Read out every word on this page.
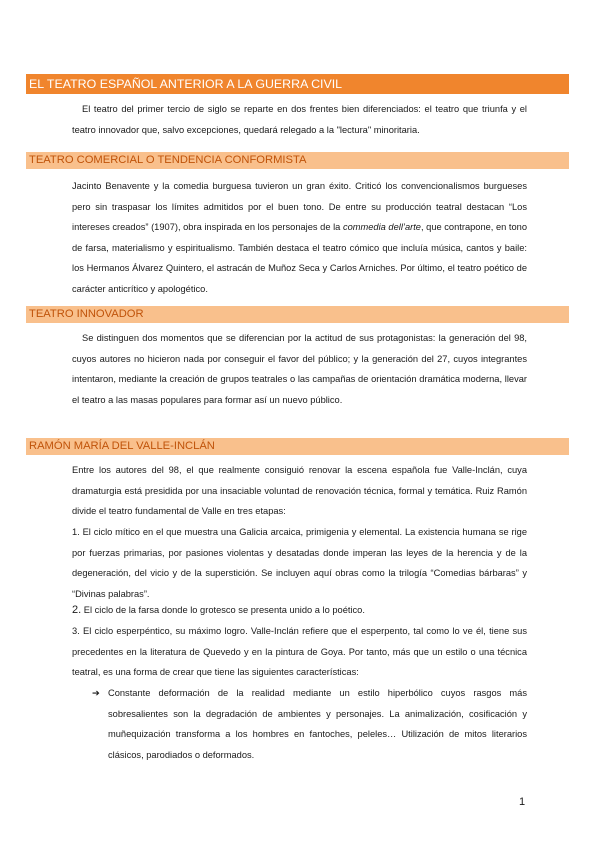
EL TEATRO ESPAÑOL ANTERIOR A LA GUERRA CIVIL

El teatro del primer tercio de siglo se reparte en dos frentes bien diferenciados: el teatro que triunfa y el teatro innovador que, salvo excepciones, quedará relegado a la "lectura" minoritaria.

TEATRO COMERCIAL O TENDENCIA CONFORMISTA

Jacinto Benavente y la comedia burguesa tuvieron un gran éxito. Criticó los convencionalismos burgueses pero sin traspasar los límites admitidos por el buen tono. De entre su producción teatral destacan “Los intereses creados” (1907), obra inspirada en los personajes de la commedia dell’arte, que contrapone, en tono de farsa, materialismo y espiritualismo. También destaca el teatro cómico que incluía música, cantos y baile: los Hermanos Álvarez Quintero, el astracán de Muñoz Seca y Carlos Arniches. Por último, el teatro poético de carácter anticrítico y apologético.

TEATRO INNOVADOR

Se distinguen dos momentos que se diferencian por la actitud de sus protagonistas: la generación del 98, cuyos autores no hicieron nada por conseguir el favor del público; y la generación del 27, cuyos integrantes intentaron, mediante la creación de grupos teatrales o las campañas de orientación dramática moderna, llevar el teatro a las masas populares para formar así un nuevo público.

RAMÓN MARÍA DEL VALLE-INCLÁN

Entre los autores del 98, el que realmente consiguió renovar la escena española fue Valle-Inclán, cuya dramaturgia está presidida por una insaciable voluntad de renovación técnica, formal y temática. Ruiz Ramón divide el teatro fundamental de Valle en tres etapas:

1. El ciclo mítico en el que muestra una Galicia arcaica, primigenia y elemental. La existencia humana se rige por fuerzas primarias, por pasiones violentas y desatadas donde imperan las leyes de la herencia y de la degeneración, del vicio y de la superstición. Se incluyen aquí obras como la trilogía “Comedias bárbaras” y “Divinas palabras”.

2. El ciclo de la farsa donde lo grotesco se presenta unido a lo poético.

3. El ciclo esperpéntico, su máximo logro. Valle-Inclán refiere que el esperpento, tal como lo ve él, tiene sus precedentes en la literatura de Quevedo y en la pintura de Goya. Por tanto, más que un estilo o una técnica teatral, es una forma de crear que tiene las siguientes características:

➔ Constante deformación de la realidad mediante un estilo hiperbólico cuyos rasgos más sobresalientes son la degradación de ambientes y personajes. La animalización, cosificación y muñequización transforma a los hombres en fantoches, peleles… Utilización de mitos literarios clásicos, parodiados o deformados.

1
